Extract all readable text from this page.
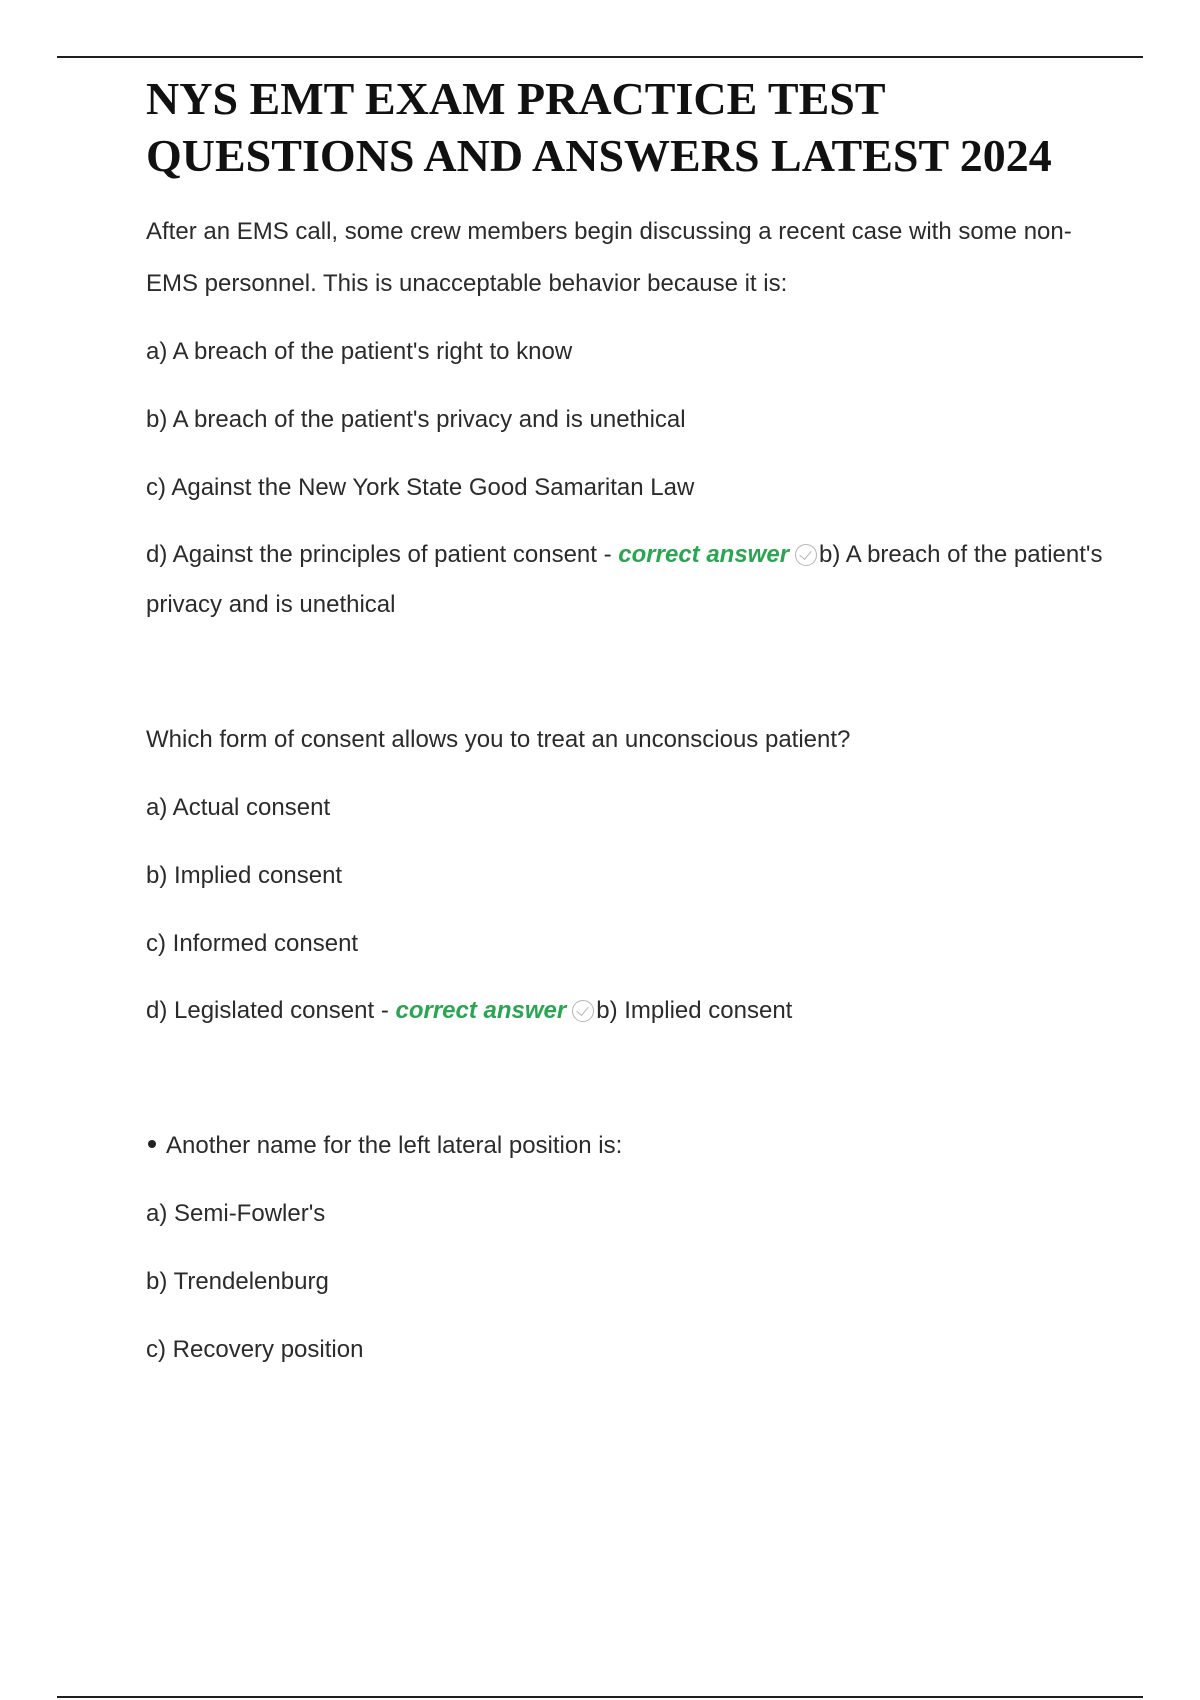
NYS EMT EXAM PRACTICE TEST QUESTIONS AND ANSWERS LATEST 2024

After an EMS call, some crew members begin discussing a recent case with some non-EMS personnel. This is unacceptable behavior because it is:

a) A breach of the patient's right to know

b) A breach of the patient's privacy and is unethical

c) Against the New York State Good Samaritan Law

d) Against the principles of patient consent - correct answer b) A breach of the patient's privacy and is unethical

Which form of consent allows you to treat an unconscious patient?

a) Actual consent

b) Implied consent

c) Informed consent

d) Legislated consent - correct answer b) Implied consent

Another name for the left lateral position is:

a) Semi-Fowler's

b) Trendelenburg

c) Recovery position
